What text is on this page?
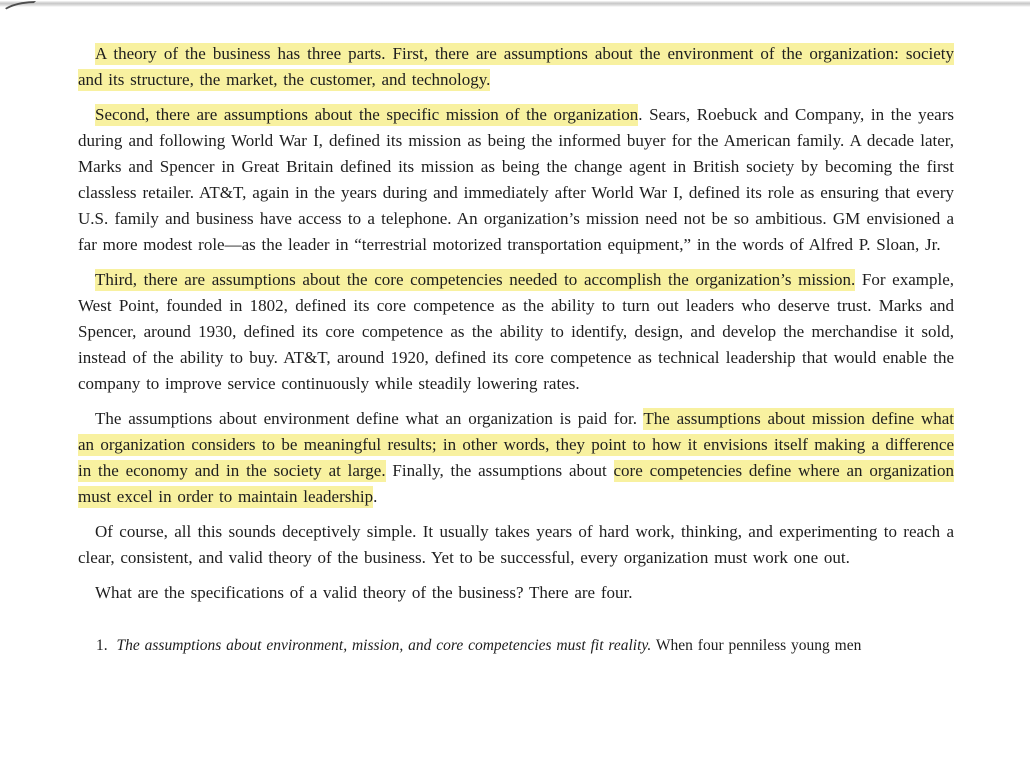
A theory of the business has three parts. First, there are assumptions about the environment of the organization: society and its structure, the market, the customer, and technology.

Second, there are assumptions about the specific mission of the organization. Sears, Roebuck and Company, in the years during and following World War I, defined its mission as being the informed buyer for the American family. A decade later, Marks and Spencer in Great Britain defined its mission as being the change agent in British society by becoming the first classless retailer. AT&T, again in the years during and immediately after World War I, defined its role as ensuring that every U.S. family and business have access to a telephone. An organization’s mission need not be so ambitious. GM envisioned a far more modest role—as the leader in “terrestrial motorized transportation equipment,” in the words of Alfred P. Sloan, Jr.

Third, there are assumptions about the core competencies needed to accomplish the organization’s mission. For example, West Point, founded in 1802, defined its core competence as the ability to turn out leaders who deserve trust. Marks and Spencer, around 1930, defined its core competence as the ability to identify, design, and develop the merchandise it sold, instead of the ability to buy. AT&T, around 1920, defined its core competence as technical leadership that would enable the company to improve service continuously while steadily lowering rates.

The assumptions about environment define what an organization is paid for. The assumptions about mission define what an organization considers to be meaningful results; in other words, they point to how it envisions itself making a difference in the economy and in the society at large. Finally, the assumptions about core competencies define where an organization must excel in order to maintain leadership.

Of course, all this sounds deceptively simple. It usually takes years of hard work, thinking, and experimenting to reach a clear, consistent, and valid theory of the business. Yet to be successful, every organization must work one out.

What are the specifications of a valid theory of the business? There are four.

1. The assumptions about environment, mission, and core competencies must fit reality. When four penniless young men
